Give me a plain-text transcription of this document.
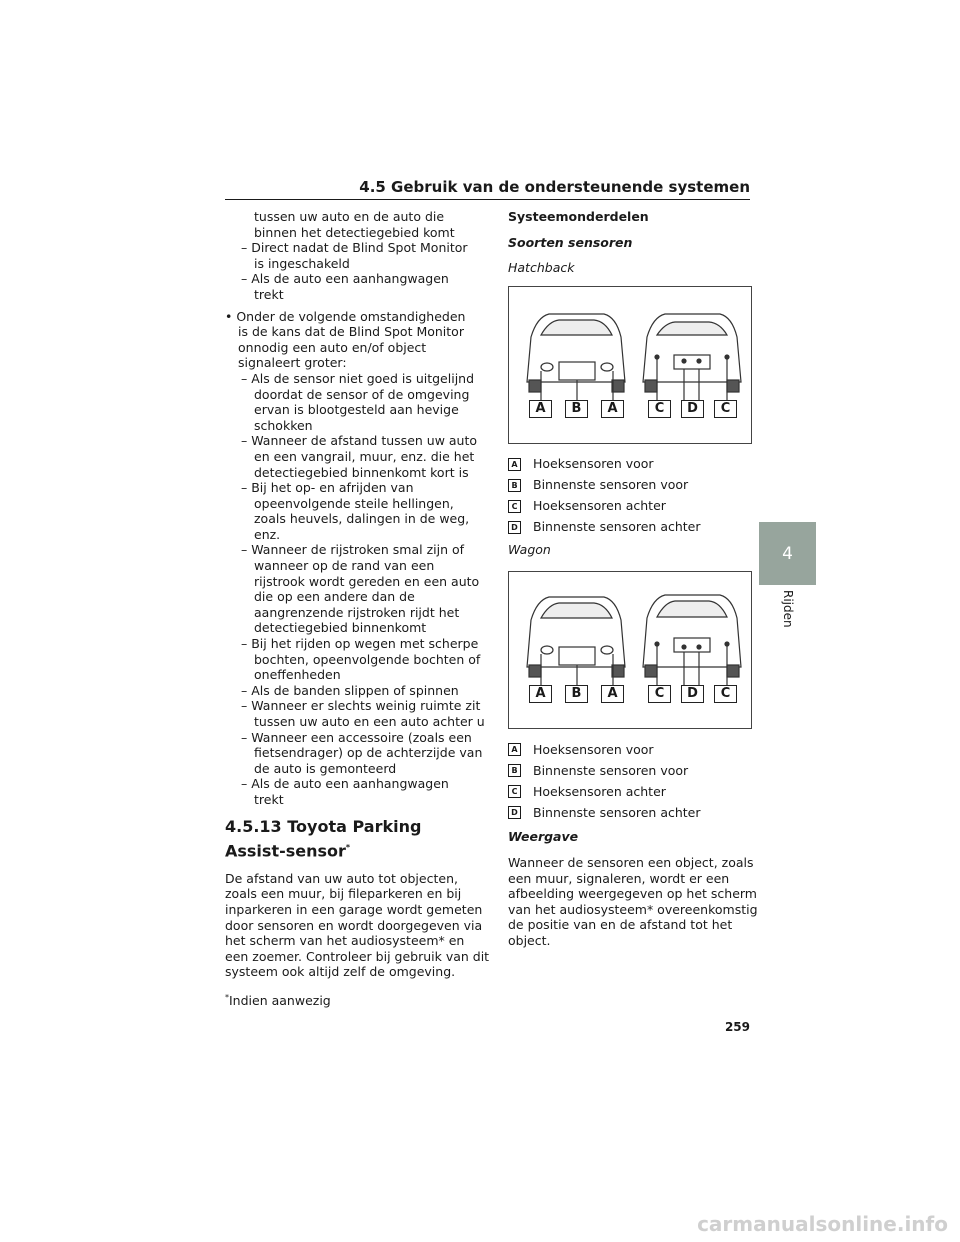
4.5 Gebruik van de ondersteunende systemen
tussen uw auto en de auto die
binnen het detectiegebied komt
– Direct nadat de Blind Spot Monitor
is ingeschakeld
– Als de auto een aanhangwagen
trekt
• Onder de volgende omstandigheden
is de kans dat de Blind Spot Monitor
onnodig een auto en/of object
signaleert groter:
– Als de sensor niet goed is uitgelijnd
doordat de sensor of de omgeving
ervan is blootgesteld aan hevige
schokken
– Wanneer de afstand tussen uw auto
en een vangrail, muur, enz. die het
detectiegebied binnenkomt kort is
– Bij het op- en afrijden van
opeenvolgende steile hellingen,
zoals heuvels, dalingen in de weg,
enz.
– Wanneer de rijstroken smal zijn of
wanneer op de rand van een
rijstrook wordt gereden en een auto
die op een andere dan de
aangrenzende rijstroken rijdt het
detectiegebied binnenkomt
– Bij het rijden op wegen met scherpe
bochten, opeenvolgende bochten of
oneffenheden
– Als de banden slippen of spinnen
– Wanneer er slechts weinig ruimte zit
tussen uw auto en een auto achter u
– Wanneer een accessoire (zoals een
fietsendrager) op de achterzijde van
de auto is gemonteerd
– Als de auto een aanhangwagen
trekt
4.5.13 Toyota Parking
Assist-sensor*
De afstand van uw auto tot objecten,
zoals een muur, bij fileparkeren en bij
inparkeren in een garage wordt gemeten
door sensoren en wordt doorgegeven via
het scherm van het audiosysteem* en
een zoemer. Controleer bij gebruik van dit
systeem ook altijd zelf de omgeving.
*Indien aanwezig
Systeemonderdelen
Soorten sensoren
Hatchback
A	B	A	C	D	C
A Hoeksensoren voor
B Binnenste sensoren voor
C Hoeksensoren achter
D Binnenste sensoren achter
Wagon
A	B	A	C	D	C
A Hoeksensoren voor
B Binnenste sensoren voor
C Hoeksensoren achter
D Binnenste sensoren achter
Weergave
Wanneer de sensoren een object, zoals
een muur, signaleren, wordt er een
afbeelding weergegeven op het scherm
van het audiosysteem* overeenkomstig
de positie van en de afstand tot het
object.
4
Rijden
259
carmanualsonline.info
